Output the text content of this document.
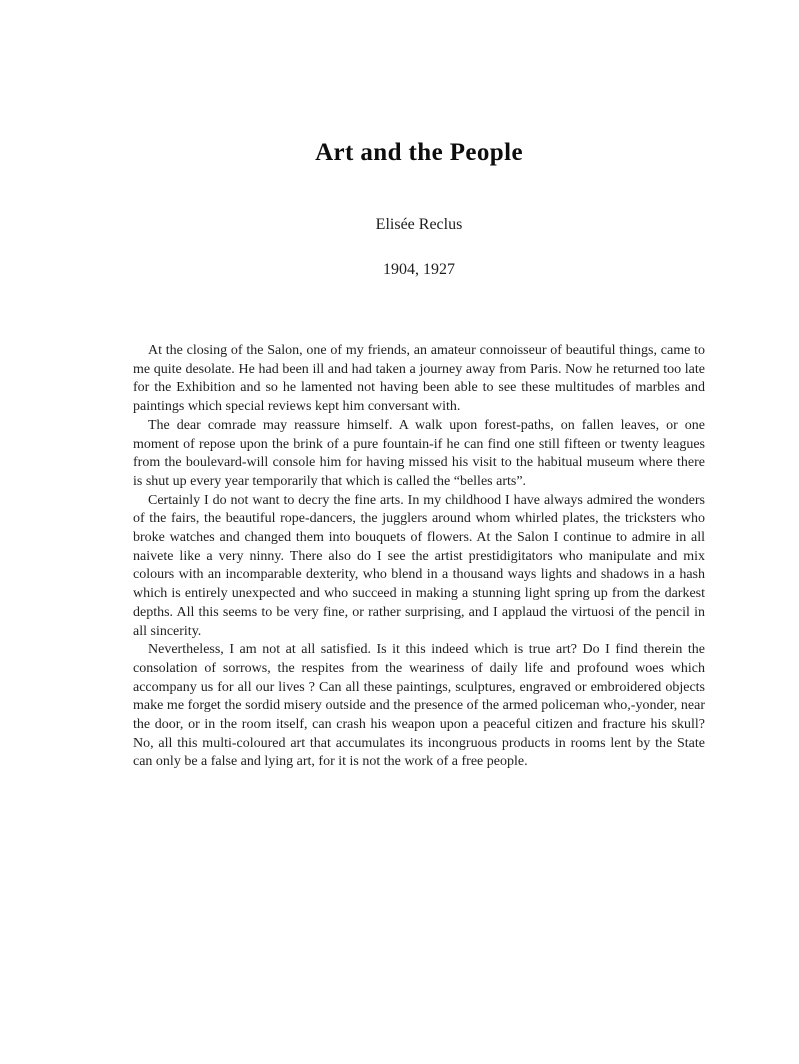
Art and the People

Elisée Reclus

1904, 1927

At the closing of the Salon, one of my friends, an amateur connoisseur of beautiful things, came to me quite desolate. He had been ill and had taken a journey away from Paris. Now he returned too late for the Exhibition and so he lamented not having been able to see these multitudes of marbles and paintings which special reviews kept him conversant with.

The dear comrade may reassure himself. A walk upon forest-paths, on fallen leaves, or one moment of repose upon the brink of a pure fountain-if he can find one still fifteen or twenty leagues from the boulevard-will console him for having missed his visit to the habitual museum where there is shut up every year temporarily that which is called the “belles arts”.

Certainly I do not want to decry the fine arts. In my childhood I have always admired the wonders of the fairs, the beautiful rope-dancers, the jugglers around whom whirled plates, the tricksters who broke watches and changed them into bouquets of flowers. At the Salon I continue to admire in all naivete like a very ninny. There also do I see the artist prestidigitators who manipulate and mix colours with an incomparable dexterity, who blend in a thousand ways lights and shadows in a hash which is entirely unexpected and who succeed in making a stunning light spring up from the darkest depths. All this seems to be very fine, or rather surprising, and I applaud the virtuosi of the pencil in all sincerity.

Nevertheless, I am not at all satisfied. Is it this indeed which is true art? Do I find therein the consolation of sorrows, the respites from the weariness of daily life and profound woes which accompany us for all our lives ? Can all these paintings, sculptures, engraved or embroidered objects make me forget the sordid misery outside and the presence of the armed policeman who,-yonder, near the door, or in the room itself, can crash his weapon upon a peaceful citizen and fracture his skull? No, all this multi-coloured art that accumulates its incongruous products in rooms lent by the State can only be a false and lying art, for it is not the work of a free people.
